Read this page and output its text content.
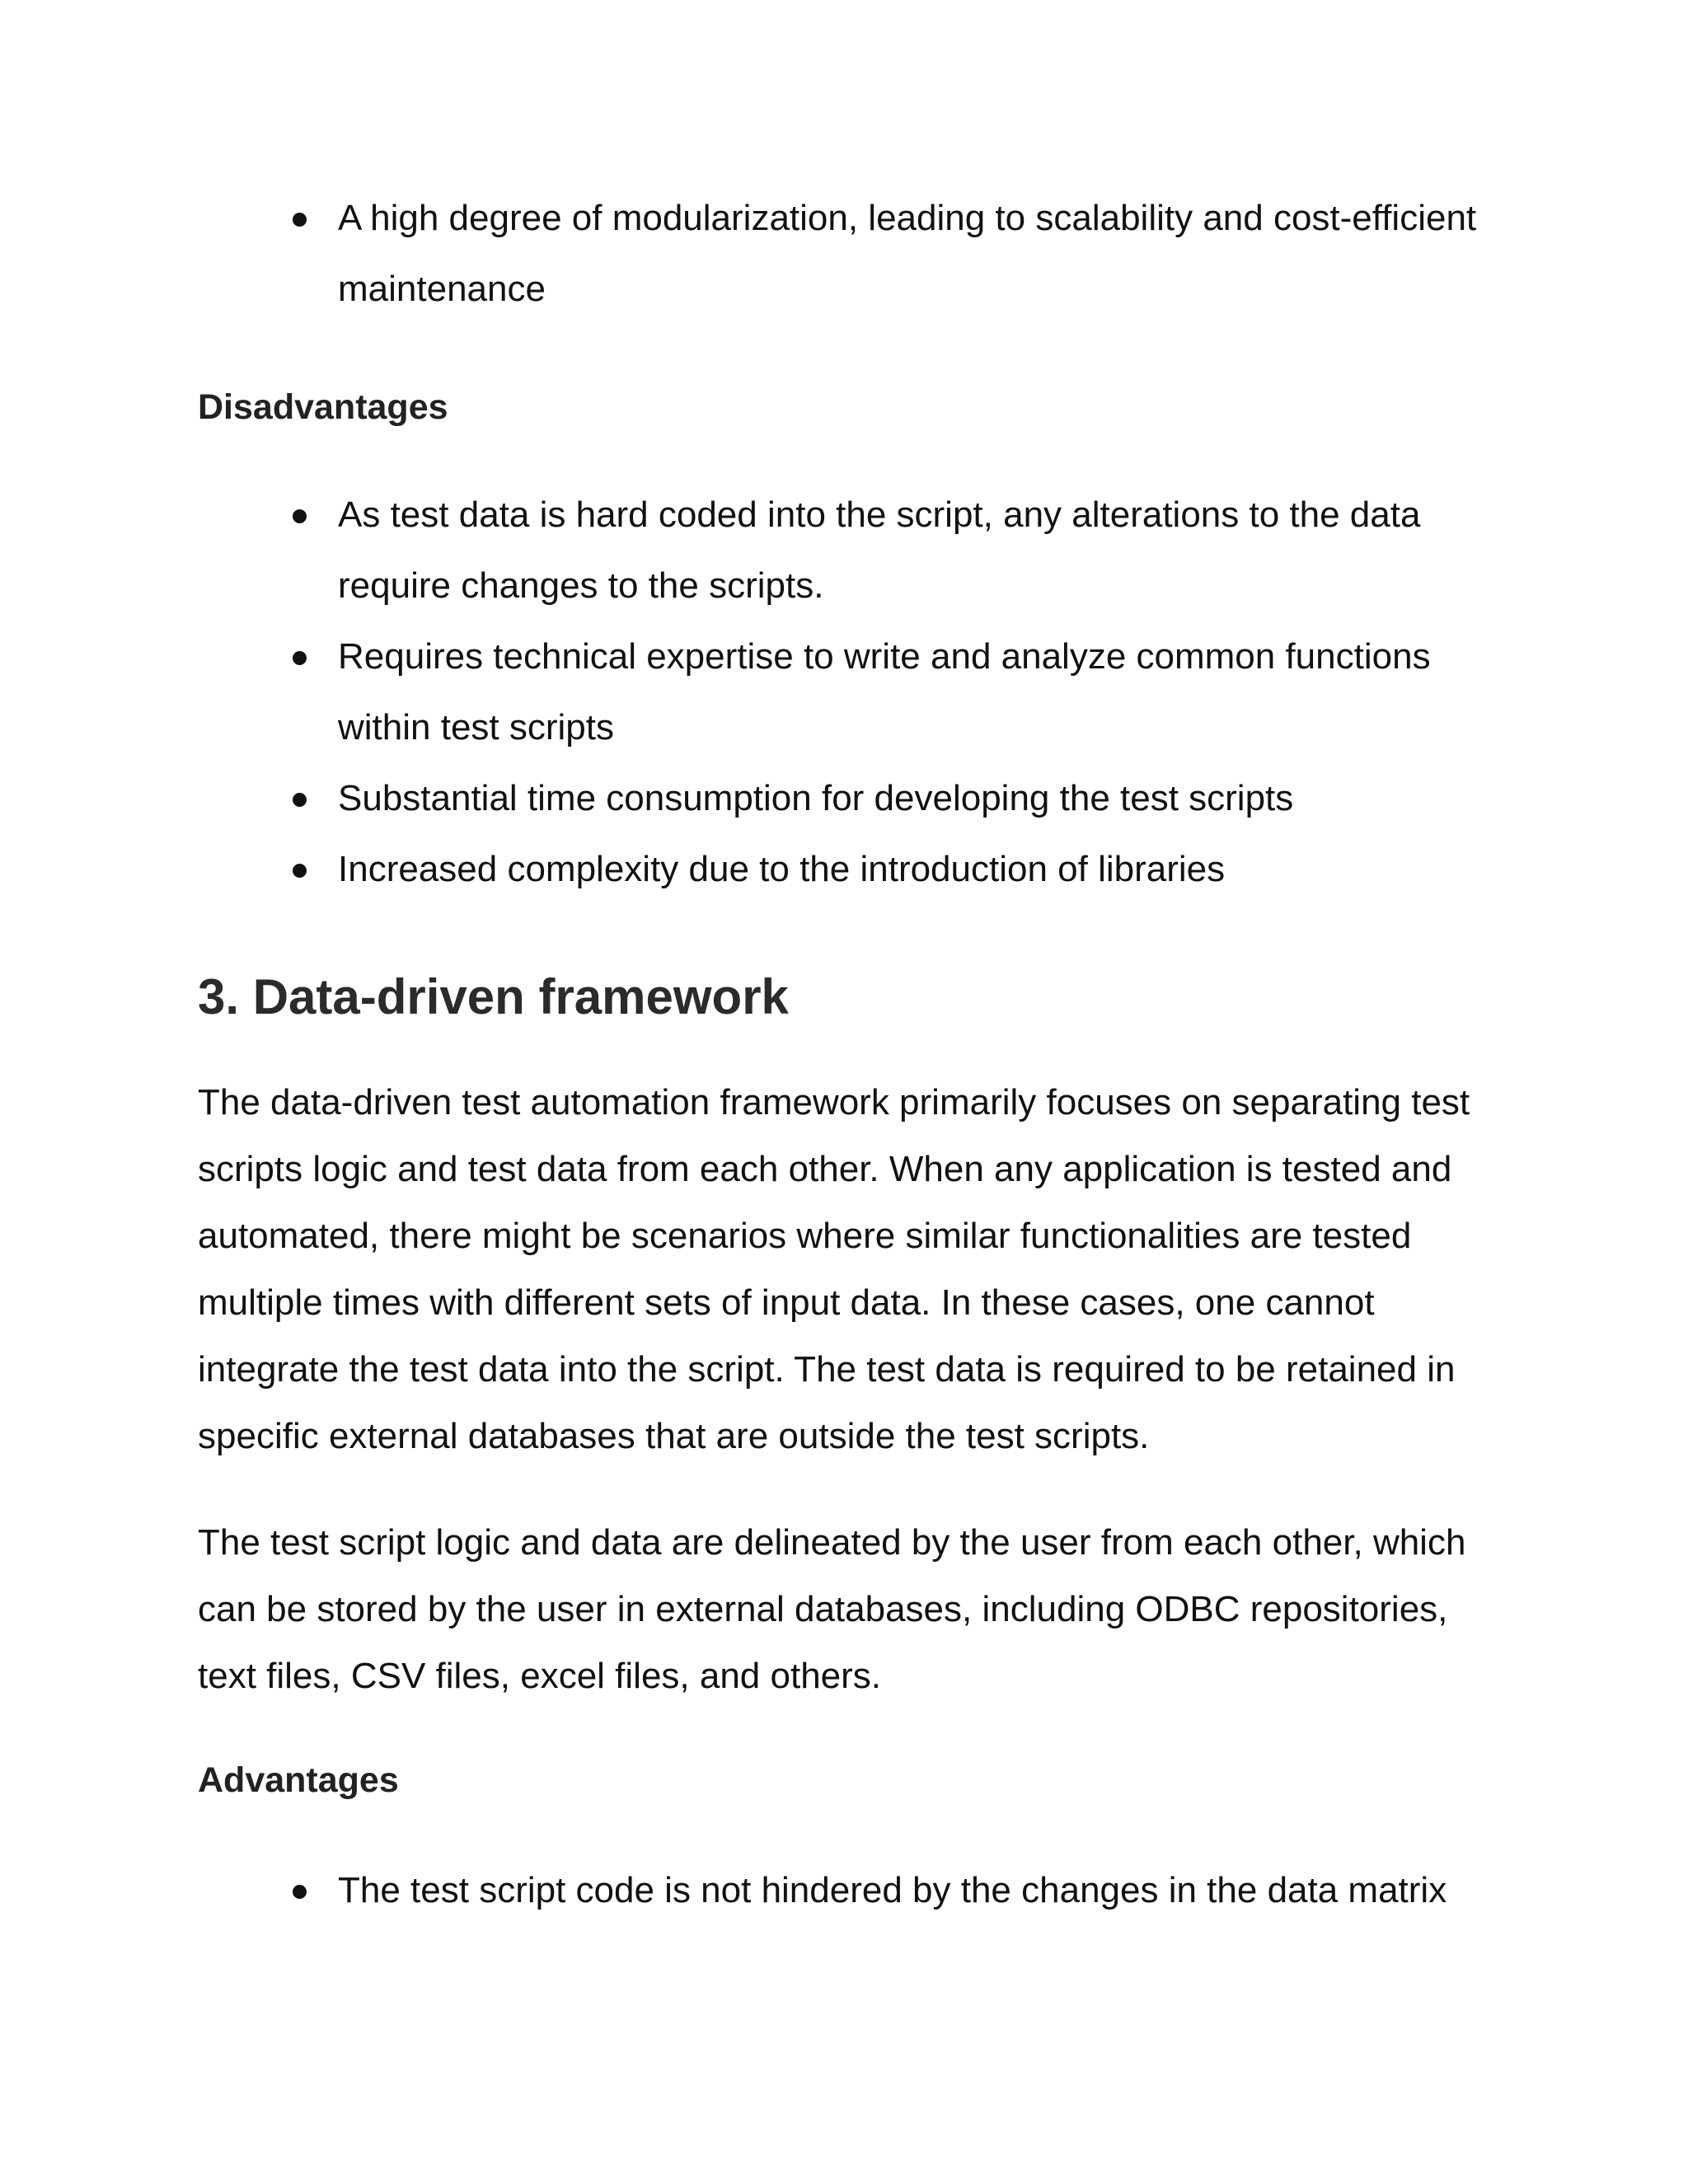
A high degree of modularization, leading to scalability and cost-efficient maintenance
Disadvantages
As test data is hard coded into the script, any alterations to the data require changes to the scripts.
Requires technical expertise to write and analyze common functions within test scripts
Substantial time consumption for developing the test scripts
Increased complexity due to the introduction of libraries
3. Data-driven framework

The data-driven test automation framework primarily focuses on separating test scripts logic and test data from each other. When any application is tested and automated, there might be scenarios where similar functionalities are tested multiple times with different sets of input data. In these cases, one cannot integrate the test data into the script. The test data is required to be retained in specific external databases that are outside the test scripts.

The test script logic and data are delineated by the user from each other, which can be stored by the user in external databases, including ODBC repositories, text files, CSV files, excel files, and others.

Advantages
The test script code is not hindered by the changes in the data matrix
